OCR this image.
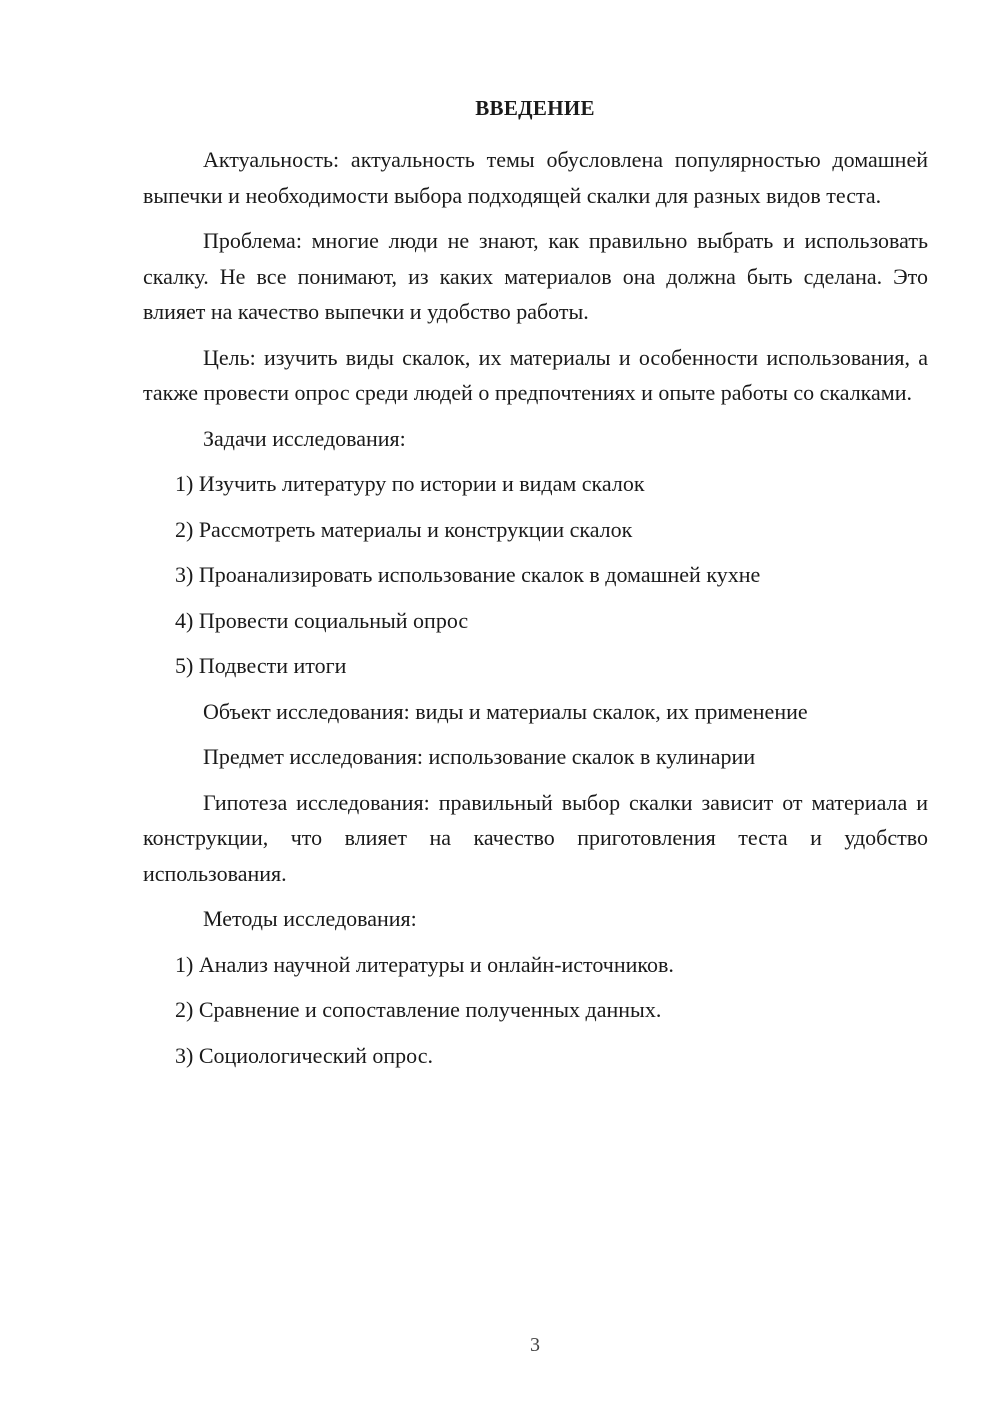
ВВЕДЕНИЕ

Актуальность: актуальность темы обусловлена популярностью домашней выпечки и необходимости выбора подходящей скалки для разных видов теста.

Проблема: многие люди не знают, как правильно выбрать и использовать скалку. Не все понимают, из каких материалов она должна быть сделана. Это влияет на качество выпечки и удобство работы.

Цель: изучить виды скалок, их материалы и особенности использования, а также провести опрос среди людей о предпочтениях и опыте работы со скалками.

Задачи исследования:

1) Изучить литературу по истории и видам скалок

2) Рассмотреть материалы и конструкции скалок

3) Проанализировать использование скалок в домашней кухне

4) Провести социальный опрос

5) Подвести итоги

Объект исследования: виды и материалы скалок, их применение

Предмет исследования: использование скалок в кулинарии

Гипотеза исследования: правильный выбор скалки зависит от материала и конструкции, что влияет на качество приготовления теста и удобство использования.

Методы исследования:

1) Анализ научной литературы и онлайн-источников.

2) Сравнение и сопоставление полученных данных.

3) Социологический опрос.

3
